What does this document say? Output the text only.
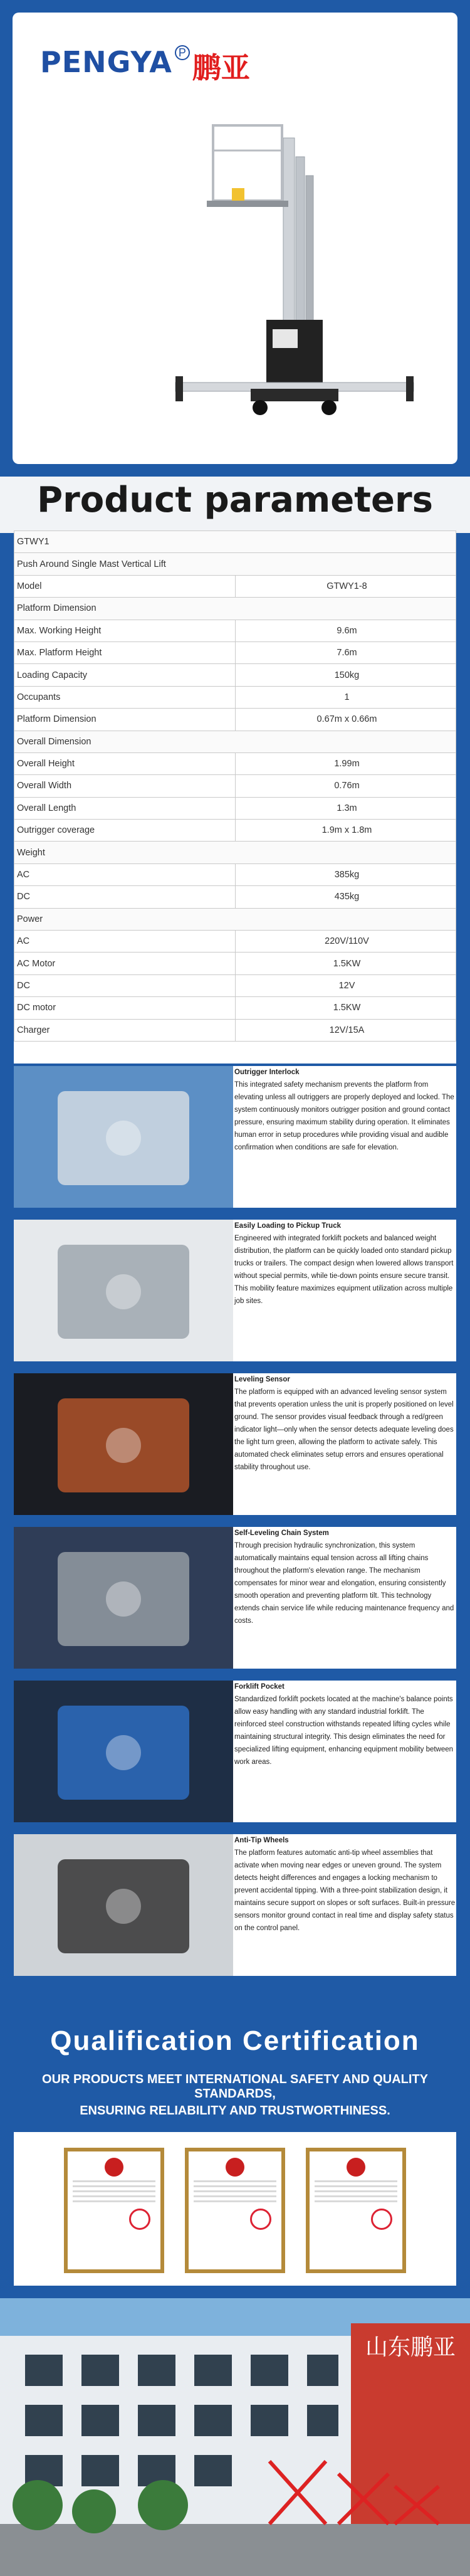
PENGYA P 鹏亚
Product parameters
GTWY1	
Push Around Single Mast Vertical Lift	
Model	GTWY1-8
Platform Dimension	
Max. Working Height	9.6m
Max. Platform Height	7.6m
Loading Capacity	150kg
Occupants	1
Platform Dimension	0.67m x 0.66m
Overall Dimension	
Overall Height	1.99m
Overall Width	0.76m
Overall Length	1.3m
Outrigger coverage	1.9m x 1.8m
Weight	
AC	385kg
DC	435kg
Power	
AC	220V/110V
AC Motor	1.5KW
DC	12V
DC motor	1.5KW
Charger	12V/15A
Outrigger Interlock
This integrated safety mechanism prevents the platform from elevating unless all outriggers are properly deployed and locked. The system continuously monitors outrigger position and ground contact pressure, ensuring maximum stability during operation. It eliminates human error in setup procedures while providing visual and audible confirmation when conditions are safe for elevation.
Easily Loading to Pickup Truck
Engineered with integrated forklift pockets and balanced weight distribution, the platform can be quickly loaded onto standard pickup trucks or trailers. The compact design when lowered allows transport without special permits, while tie-down points ensure secure transit. This mobility feature maximizes equipment utilization across multiple job sites.
Leveling Sensor
The platform is equipped with an advanced leveling sensor system that prevents operation unless the unit is properly positioned on level ground. The sensor provides visual feedback through a red/green indicator light—only when the sensor detects adequate leveling does the light turn green, allowing the platform to activate safely. This automated check eliminates setup errors and ensures operational stability throughout use.
Self-Leveling Chain System
Through precision hydraulic synchronization, this system automatically maintains equal tension across all lifting chains throughout the platform's elevation range. The mechanism compensates for minor wear and elongation, ensuring consistently smooth operation and preventing platform tilt. This technology extends chain service life while reducing maintenance frequency and costs.
Forklift Pocket
Standardized forklift pockets located at the machine's balance points allow easy handling with any standard industrial forklift. The reinforced steel construction withstands repeated lifting cycles while maintaining structural integrity. This design eliminates the need for specialized lifting equipment, enhancing equipment mobility between work areas.
Anti-Tip Wheels
The platform features automatic anti-tip wheel assemblies that activate when moving near edges or uneven ground. The system detects height differences and engages a locking mechanism to prevent accidental tipping. With a three-point stabilization design, it maintains secure support on slopes or soft surfaces. Built-in pressure sensors monitor ground contact in real time and display safety status on the control panel.
Qualification Certification
OUR PRODUCTS MEET INTERNATIONAL SAFETY AND QUALITY STANDARDS,
ENSURING RELIABILITY AND TRUSTWORTHINESS.
山东鹏亚
